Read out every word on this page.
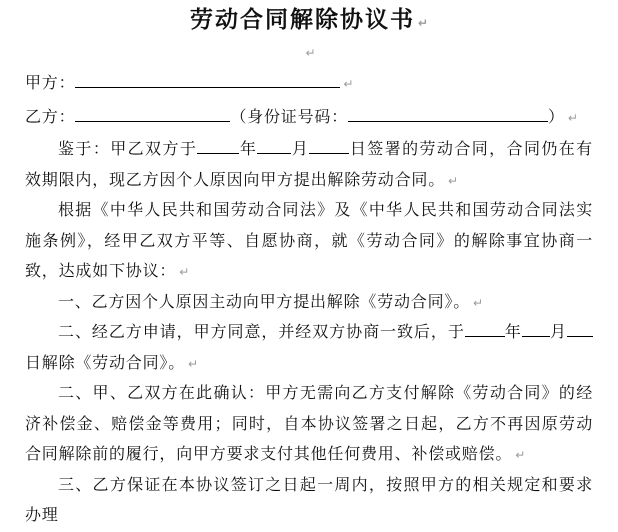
劳动合同解除协议书 ↵

↵

甲方：	↵

乙方：	（身份证号码：	） ↵

鉴于：甲乙双方于	年 月	日签署的劳动合同，合同仍在有效期限内，现乙方因个人原因向甲方提出解除劳动合同。 ↵

根据《中华人民共和国劳动合同法》及《中华人民共和国劳动合同法实施条例》，经甲乙双方平等、自愿协商，就《劳动合同》的解除事宜协商一致，达成如下协议： ↵

一、乙方因个人原因主动向甲方提出解除《劳动合同》。 ↵

二、经乙方申请，甲方同意，并经双方协商一致后，于	年 月日解除《劳动合同》。 ↵

二、甲、乙双方在此确认：甲方无需向乙方支付解除《劳动合同》的经济补偿金、赔偿金等费用；同时，自本协议签署之日起，乙方不再因原劳动合同解除前的履行，向甲方要求支付其他任何费用、补偿或赔偿。 ↵

三、乙方保证在本协议签订之日起一周内，按照甲方的相关规定和要求办理
